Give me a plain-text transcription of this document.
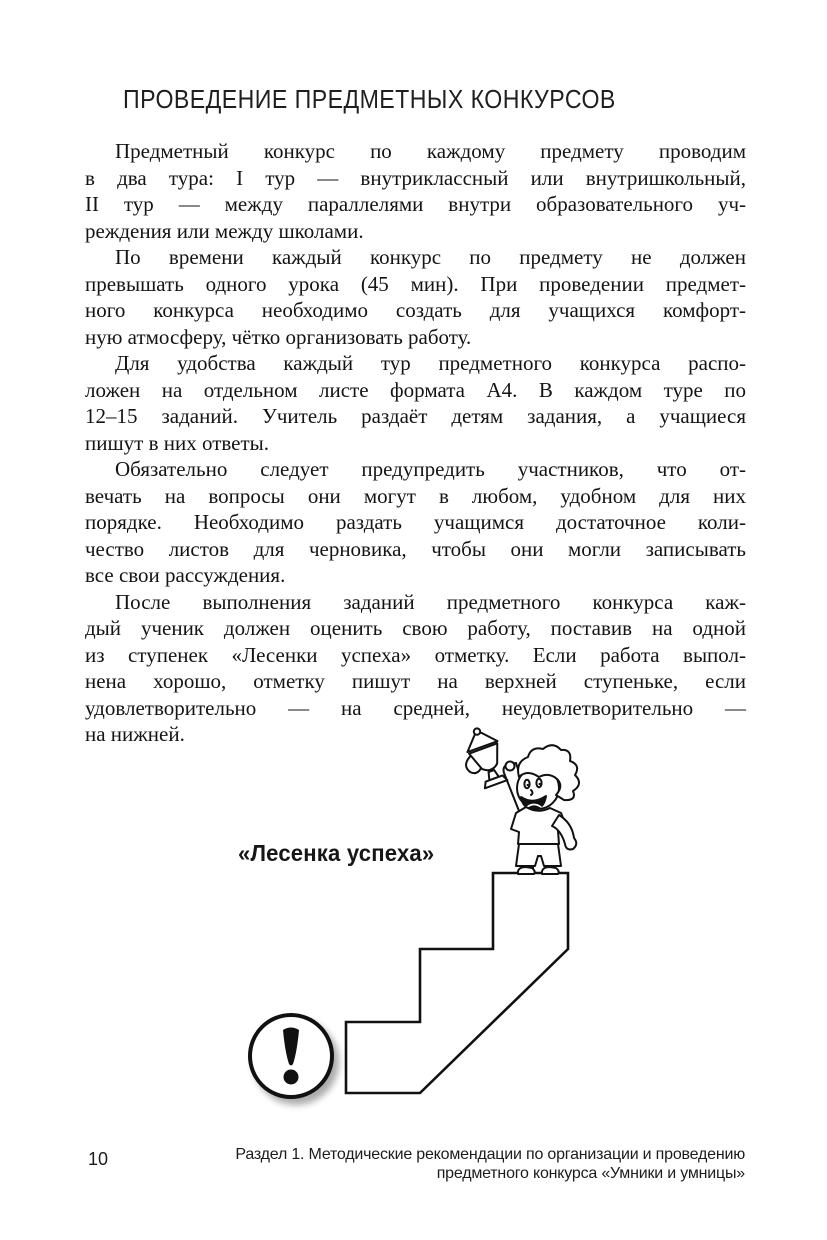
ПРОВЕДЕНИЕ ПРЕДМЕТНЫХ КОНКУРСОВ
Предметный конкурс по каждому предмету проводим
в два тура: I тур — внутриклассный или внутришкольный,
II тур — между параллелями внутри образовательного уч-
реждения или между школами.
По времени каждый конкурс по предмету не должен
превышать одного урока (45 мин). При проведении предмет-
ного конкурса необходимо создать для учащихся комфорт-
ную атмосферу, чётко организовать работу.
Для удобства каждый тур предметного конкурса распо-
ложен на отдельном листе формата А4. В каждом туре по
12–15 заданий. Учитель раздаёт детям задания, а учащиеся
пишут в них ответы.
Обязательно следует предупредить участников, что от-
вечать на вопросы они могут в любом, удобном для них
порядке. Необходимо раздать учащимся достаточное коли-
чество листов для черновика, чтобы они могли записывать
все свои рассуждения.
После выполнения заданий предметного конкурса каж-
дый ученик должен оценить свою работу, поставив на одной
из ступенек «Лесенки успеха» отметку. Если работа выпол-
нена хорошо, отметку пишут на верхней ступеньке, если
удовлетворительно — на средней, неудовлетворительно —
на нижней.
«Лесенка успеха»
10	Раздел 1. Методические рекомендации по организации и проведению
предметного конкурса «Умники и умницы»
